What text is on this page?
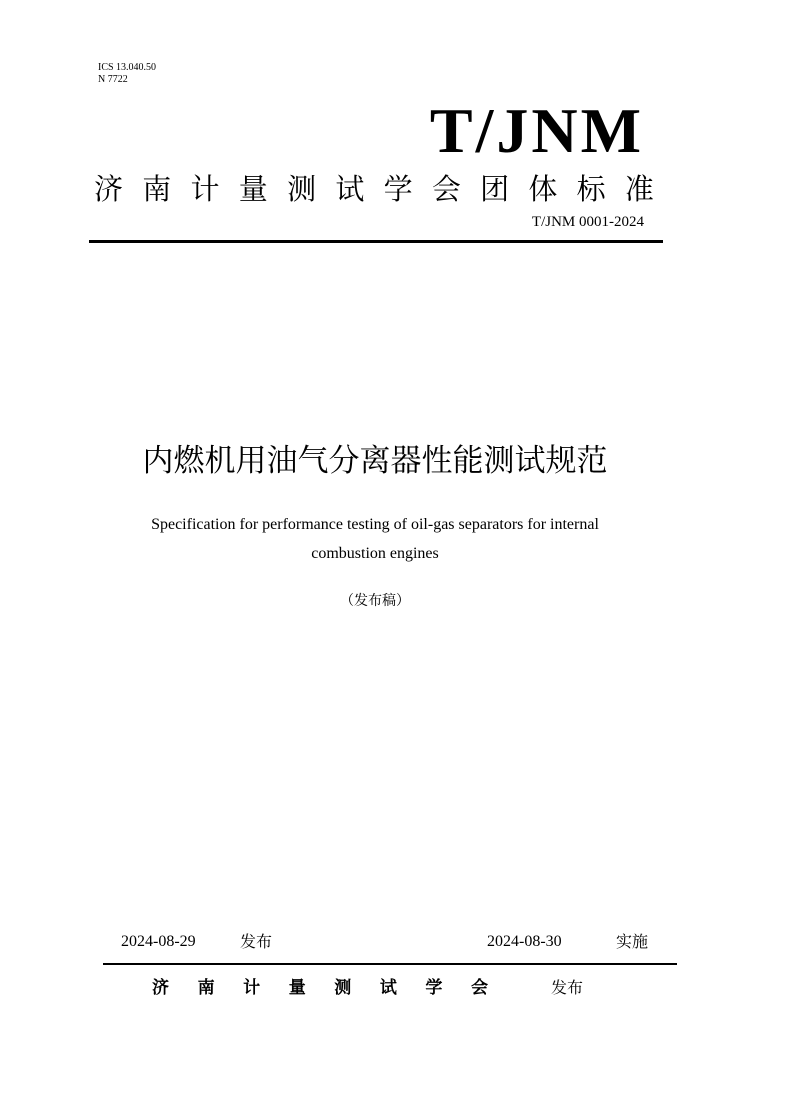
ICS 13.040.50
N 7722
T/JNM
济 南 计 量 测 试 学 会 团 体 标 准
T/JNM 0001-2024
内燃机用油气分离器性能测试规范
Specification for performance testing of oil-gas separators for internal
combustion engines
（发布稿）
2024-08-29	发布	2024-08-30	实施
济 南 计 量 测 试 学 会	发布
